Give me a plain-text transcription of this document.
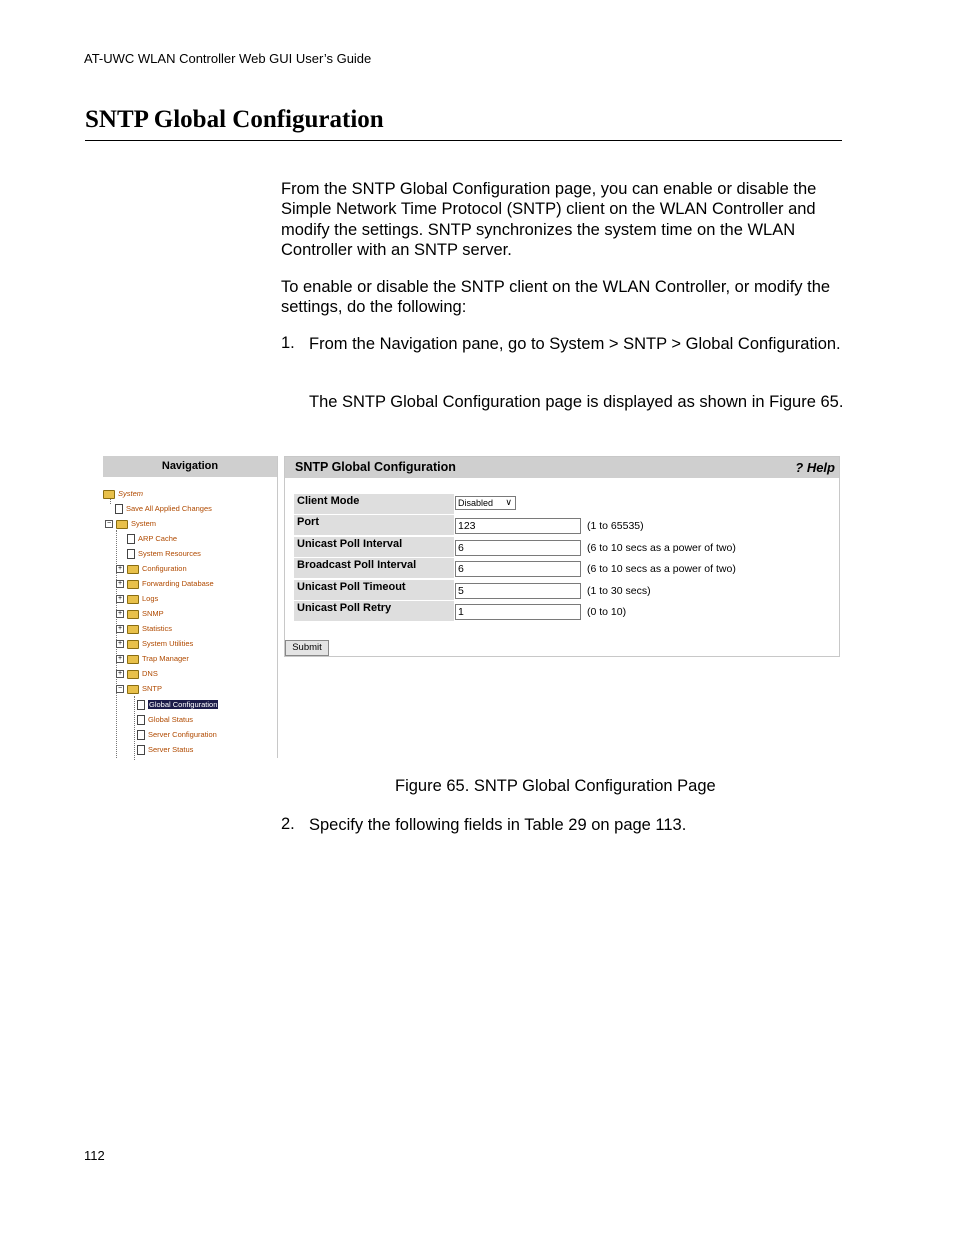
AT-UWC WLAN Controller Web GUI User’s Guide
SNTP Global Configuration
From the SNTP Global Configuration page, you can enable or disable the Simple Network Time Protocol (SNTP) client on the WLAN Controller and modify the settings. SNTP synchronizes the system time on the WLAN Controller with an SNTP server.
To enable or disable the SNTP client on the WLAN Controller, or modify the settings, do the following:
1. From the Navigation pane, go to System > SNTP > Global Configuration.
The SNTP Global Configuration page is displayed as shown in Figure 65.
Navigation
System
Save All Applied Changes
−	System
ARP Cache
System Resources
+	Configuration
+	Forwarding Database
+	Logs
+	SNMP
+	Statistics
+	System Utilities
+	Trap Manager
+	DNS
−	SNTP
Global Configuration
Global Status
Server Configuration
Server Status
SNTP Global Configuration	? Help
Client Mode	Disabled ∨
Port	123	(1 to 65535)
Unicast Poll Interval	6	(6 to 10 secs as a power of two)
Broadcast Poll Interval	6	(6 to 10 secs as a power of two)
Unicast Poll Timeout	5	(1 to 30 secs)
Unicast Poll Retry	1	(0 to 10)
Submit
Figure 65. SNTP Global Configuration Page
2. Specify the following fields in Table 29 on page 113.
112
